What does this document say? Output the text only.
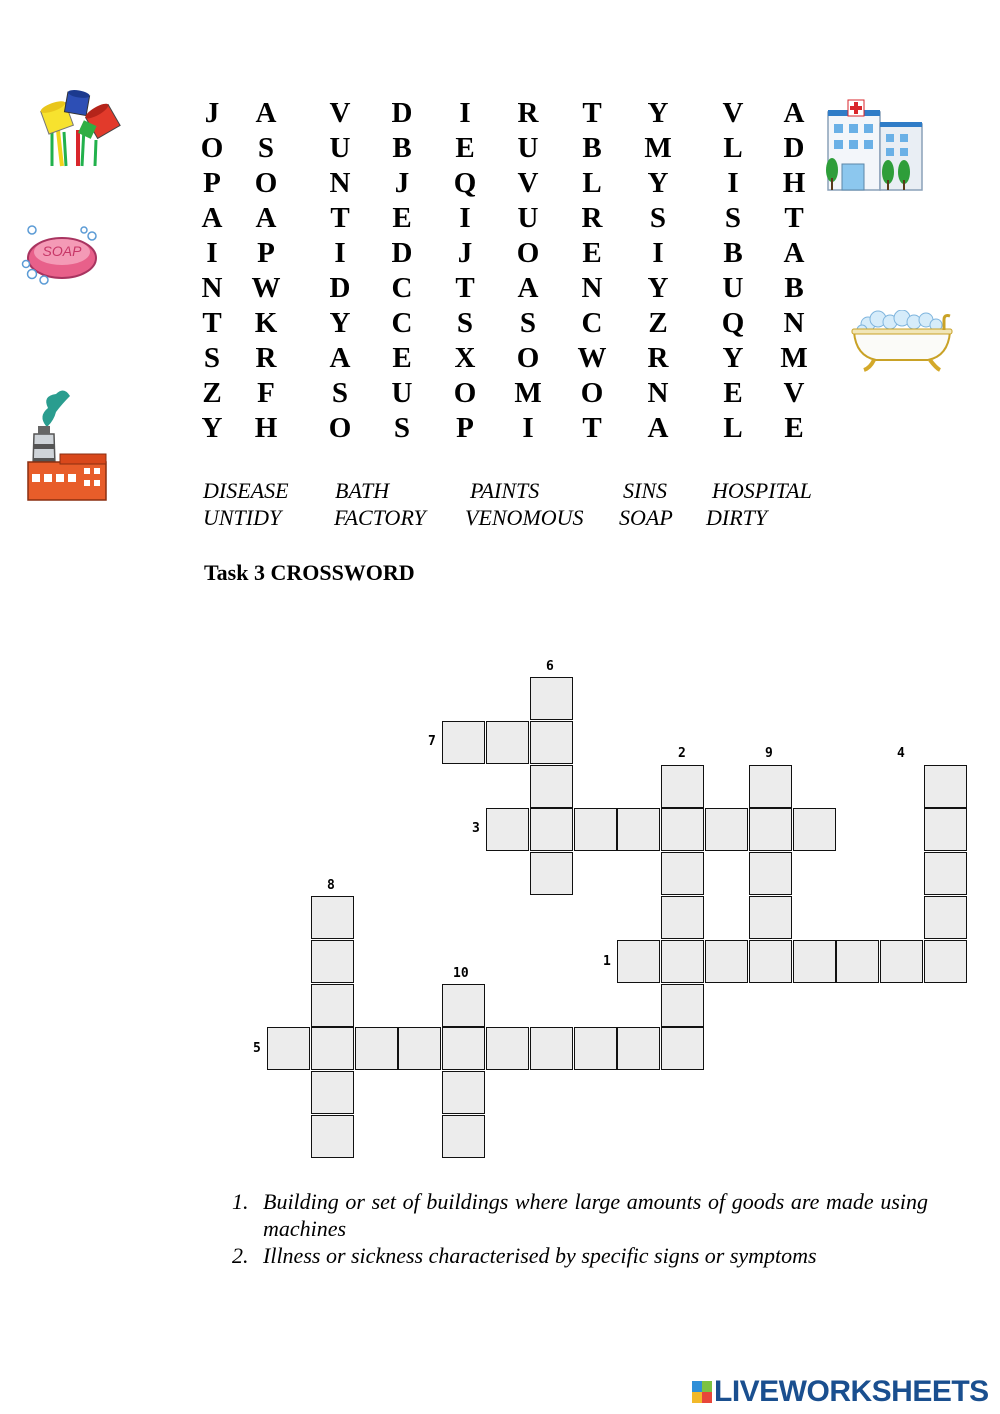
SOAP
J	A V D	I	R T Y V A
O	S	U B E U B M L D
P	O N	J	Q V L Y	I	H
A A T E	I	U R	S	S	T
I	P	I	D	J	O E	I	B A
N W D C T A N Y U B
T K Y C	S	S	C Z Q N
S	R A E X O W R Y M
Z	F	S	U O M O N E V
Y H O	S	P	I	T A L E
DISEASE BATH	PAINTS	SINS HOSPITAL
UNTIDY FACTORY VENOMOUS SOAP DIRTY
Task 3 CROSSWORD
1
2
3
4
5
6
7
8
9
10
1. Building or set of buildings where large amounts of goods are made using machines
2. Illness or sickness characterised by specific signs or symptoms
LIVEWORKSHEETS
